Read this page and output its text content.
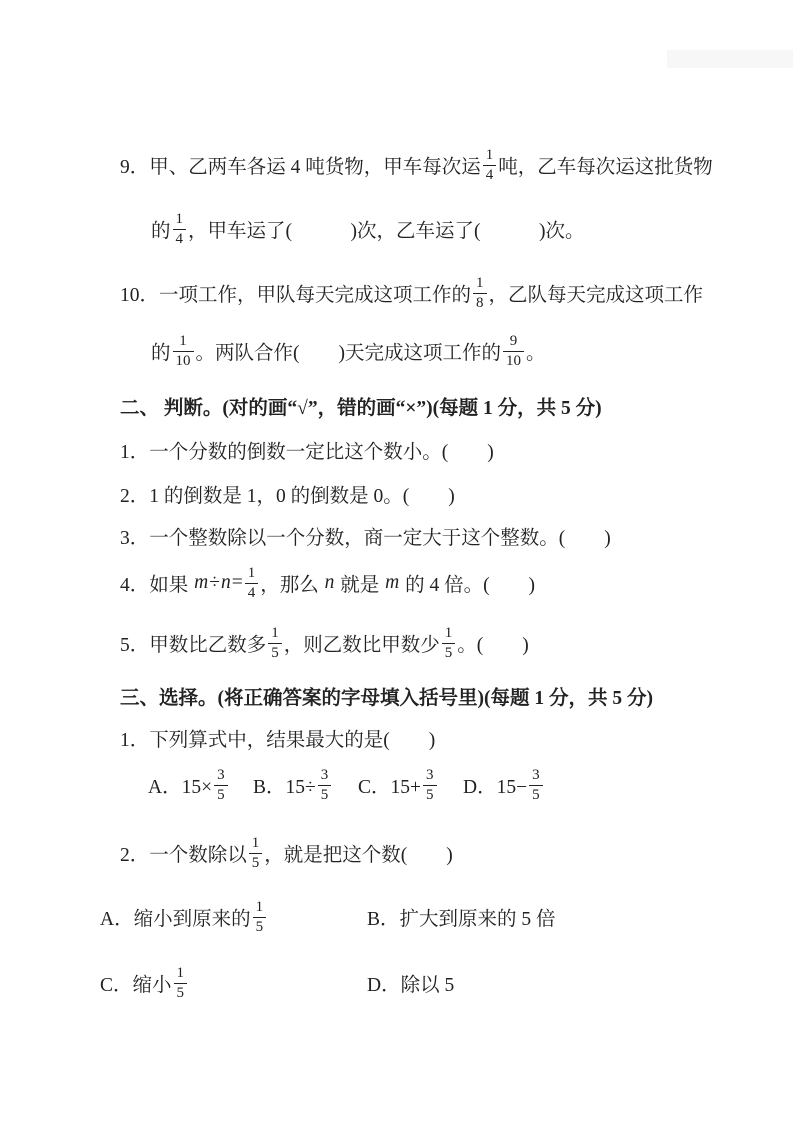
9．甲、乙两车各运 4 吨货物，甲车每次运 $\frac{1}{4}$ 吨，乙车每次运这批货物
的 $\frac{1}{4}$ ，甲车运了(　　　)次，乙车运了(　　　)次。
10．一项工作，甲队每天完成这项工作的 $\frac{1}{8}$ ，乙队每天完成这项工作
的 $\frac{1}{10}$ 。两队合作(　　)天完成这项工作的 $\frac{9}{10}$ 。
二、 判断。(对的画“√”，错的画“×”)(每题 1 分，共 5 分)
1．一个分数的倒数一定比这个数小。(　　)
2．1 的倒数是 1，0 的倒数是 0。(　　)
3．一个整数除以一个分数，商一定大于这个整数。(　　)
4．如果 $m \div n = \frac{1}{4}$ ，那么 n 就是 m 的 4 倍。(　　)
5．甲数比乙数多 $\frac{1}{5}$ ，则乙数比甲数少 $\frac{1}{5}$ 。(　　)
三、选择。(将正确答案的字母填入括号里)(每题 1 分，共 5 分)
1．下列算式中，结果最大的是(　　)
A．$15\times \frac{3}{5}$ B．$15\div \frac{3}{5}$ C．$15+ \frac{3}{5}$ D．$15- \frac{3}{5}$
2．一个数除以 $\frac{1}{5}$ ，就是把这个数(　　)
A．缩小到原来的 $\frac{1}{5}$	B．扩大到原来的 5 倍
C．缩小 $\frac{1}{5}$	D．除以 5
